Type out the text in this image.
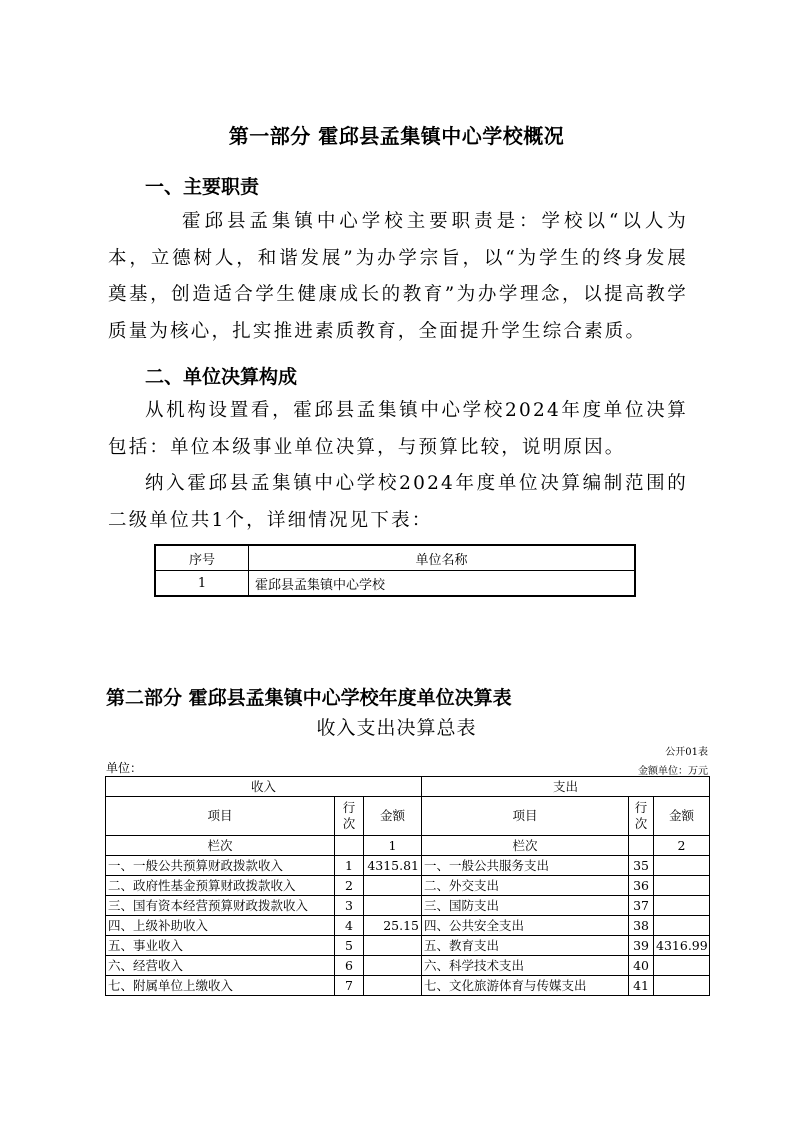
第一部分 霍邱县孟集镇中心学校概况
一、主要职责
霍邱县孟集镇中心学校主要职责是：学校以“以人为本，立德树人，和谐发展”为办学宗旨，以“为学生的终身发展奠基，创造适合学生健康成长的教育”为办学理念，以提高教学质量为核心，扎实推进素质教育，全面提升学生综合素质。
二、单位决算构成
从机构设置看，霍邱县孟集镇中心学校2024年度单位决算包括：单位本级事业单位决算，与预算比较，说明原因。
纳入霍邱县孟集镇中心学校2024年度单位决算编制范围的二级单位共1个，详细情况见下表：
序号	单位名称
1	霍邱县孟集镇中心学校
第二部分 霍邱县孟集镇中心学校年度单位决算表
收入支出决算总表
公开01表
单位：	金额单位：万元
收入			支出		
项目	行次	金额	项目	行次	金额
栏次		1	栏次		2
一、一般公共预算财政拨款收入	1	4315.81	一、一般公共服务支出	35	
二、政府性基金预算财政拨款收入	2		二、外交支出	36	
三、国有资本经营预算财政拨款收入	3		三、国防支出	37	
四、上级补助收入	4	25.15	四、公共安全支出	38	
五、事业收入	5		五、教育支出	39	4316.99
六、经营收入	6		六、科学技术支出	40	
七、附属单位上缴收入	7		七、文化旅游体育与传媒支出	41	
